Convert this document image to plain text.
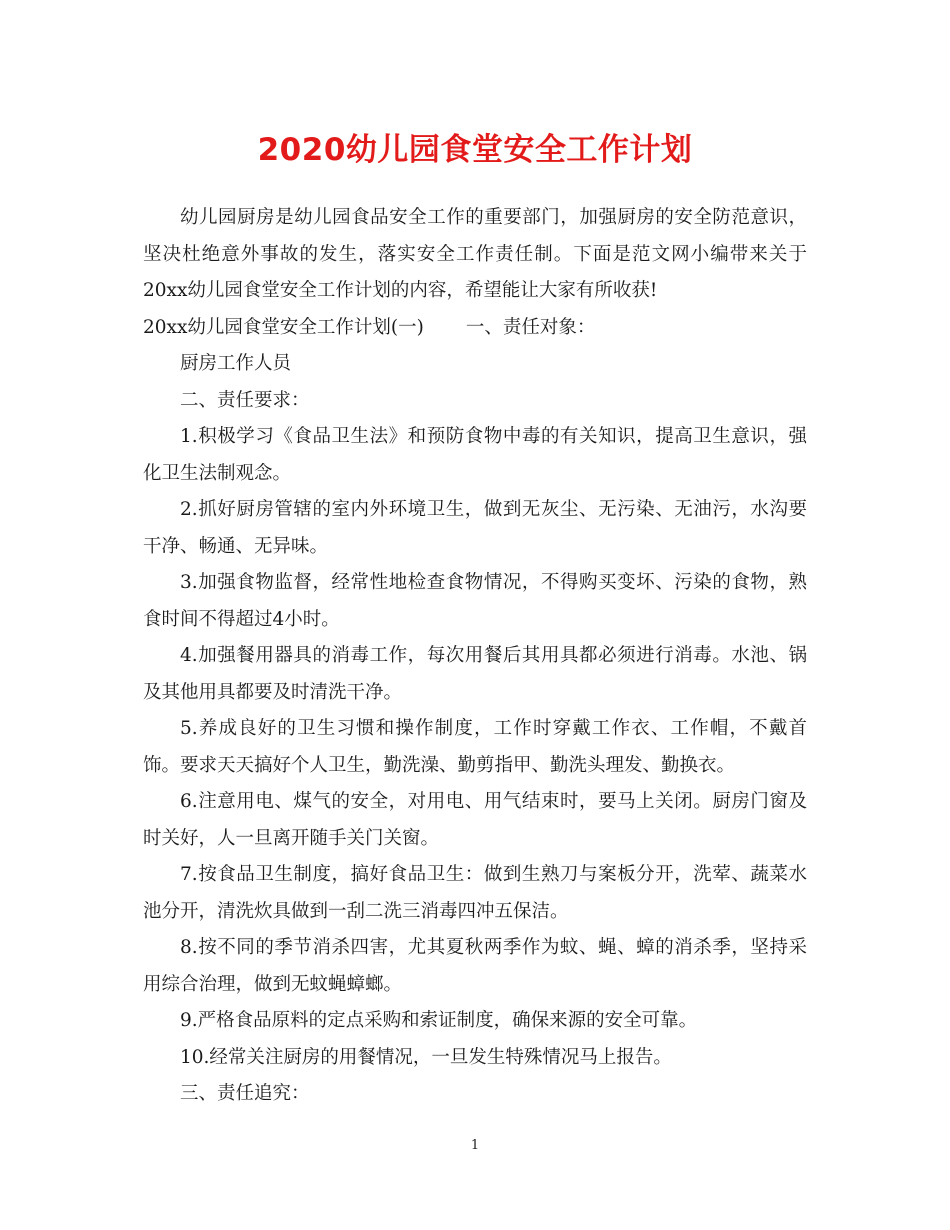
2020幼儿园食堂安全工作计划

幼儿园厨房是幼儿园食品安全工作的重要部门，加强厨房的安全防范意识，坚决杜绝意外事故的发生，落实安全工作责任制。下面是范文网小编带来关于20xx幼儿园食堂安全工作计划的内容，希望能让大家有所收获!

20xx幼儿园食堂安全工作计划(一) 一、责任对象：

厨房工作人员

二、责任要求：

1.积极学习《食品卫生法》和预防食物中毒的有关知识，提高卫生意识，强化卫生法制观念。

2.抓好厨房管辖的室内外环境卫生，做到无灰尘、无污染、无油污，水沟要干净、畅通、无异味。

3.加强食物监督，经常性地检查食物情况，不得购买变坏、污染的食物，熟食时间不得超过4小时。

4.加强餐用器具的消毒工作，每次用餐后其用具都必须进行消毒。水池、锅及其他用具都要及时清洗干净。

5.养成良好的卫生习惯和操作制度，工作时穿戴工作衣、工作帽，不戴首饰。要求天天搞好个人卫生，勤洗澡、勤剪指甲、勤洗头理发、勤换衣。

6.注意用电、煤气的安全，对用电、用气结束时，要马上关闭。厨房门窗及时关好，人一旦离开随手关门关窗。

7.按食品卫生制度，搞好食品卫生：做到生熟刀与案板分开，洗荤、蔬菜水池分开，清洗炊具做到一刮二洗三消毒四冲五保洁。

8.按不同的季节消杀四害，尤其夏秋两季作为蚊、蝇、蟑的消杀季，坚持采用综合治理，做到无蚊蝇蟑螂。

9.严格食品原料的定点采购和索证制度，确保来源的安全可靠。

10.经常关注厨房的用餐情况，一旦发生特殊情况马上报告。

三、责任追究：

1
